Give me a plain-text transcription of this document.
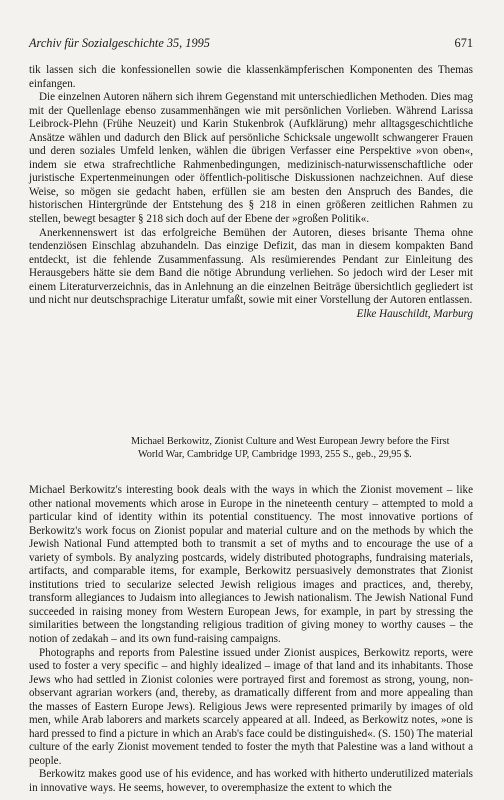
Archiv für Sozialgeschichte 35, 1995	671

tik lassen sich die konfessionellen sowie die klassenkämpferischen Komponenten des Themas einfangen.

Die einzelnen Autoren nähern sich ihrem Gegenstand mit unterschiedlichen Methoden. Dies mag mit der Quellenlage ebenso zusammenhängen wie mit persönlichen Vorlieben. Während Larissa Leibrock-Plehn (Frühe Neuzeit) und Karin Stukenbrok (Aufklärung) mehr alltagsgeschichtliche Ansätze wählen und dadurch den Blick auf persönliche Schicksale ungewollt schwangerer Frauen und deren soziales Umfeld lenken, wählen die übrigen Verfasser eine Perspektive »von oben«, indem sie etwa strafrechtliche Rahmenbedingungen, medizinisch-naturwissenschaftliche oder juristische Expertenmeinungen oder öffentlich-politische Diskussionen nachzeichnen. Auf diese Weise, so mögen sie gedacht haben, erfüllen sie am besten den Anspruch des Bandes, die historischen Hintergründe der Entstehung des § 218 in einen größeren zeitlichen Rahmen zu stellen, bewegt besagter § 218 sich doch auf der Ebene der »großen Politik«.

Anerkennenswert ist das erfolgreiche Bemühen der Autoren, dieses brisante Thema ohne tendenziösen Einschlag abzuhandeln. Das einzige Defizit, das man in diesem kompakten Band entdeckt, ist die fehlende Zusammenfassung. Als resümierendes Pendant zur Einleitung des Herausgebers hätte sie dem Band die nötige Abrundung verliehen. So jedoch wird der Leser mit einem Literaturverzeichnis, das in Anlehnung an die einzelnen Beiträge übersichtlich gegliedert ist und nicht nur deutschsprachige Literatur umfaßt, sowie mit einer Vorstellung der Autoren entlassen.
Elke Hauschildt, Marburg

Michael Berkowitz, Zionist Culture and West European Jewry before the First
World War, Cambridge UP, Cambridge 1993, 255 S., geb., 29,95 $.

Michael Berkowitz's interesting book deals with the ways in which the Zionist movement – like other national movements which arose in Europe in the nineteenth century – attempted to mold a particular kind of identity within its potential constituency. The most innovative portions of Berkowitz's work focus on Zionist popular and material culture and on the methods by which the Jewish National Fund attempted both to transmit a set of myths and to encourage the use of a variety of symbols. By analyzing postcards, widely distributed photographs, fundraising materials, artifacts, and comparable items, for example, Berkowitz persuasively demonstrates that Zionist institutions tried to secularize selected Jewish religious images and practices, and, thereby, transform allegiances to Judaism into allegiances to Jewish nationalism. The Jewish National Fund succeeded in raising money from Western European Jews, for example, in part by stressing the similarities between the longstanding religious tradition of giving money to worthy causes – the notion of zedakah – and its own fund-raising campaigns.

Photographs and reports from Palestine issued under Zionist auspices, Berkowitz reports, were used to foster a very specific – and highly idealized – image of that land and its inhabitants. Those Jews who had settled in Zionist colonies were portrayed first and foremost as strong, young, non-observant agrarian workers (and, thereby, as dramatically different from and more appealing than the masses of Eastern Europe Jews). Religious Jews were represented primarily by images of old men, while Arab laborers and markets scarcely appeared at all. Indeed, as Berkowitz notes, »one is hard pressed to find a picture in which an Arab's face could be distinguished«. (S. 150) The material culture of the early Zionist movement tended to foster the myth that Palestine was a land without a people.

Berkowitz makes good use of his evidence, and has worked with hitherto underutilized materials in innovative ways. He seems, however, to overemphasize the extent to which the
